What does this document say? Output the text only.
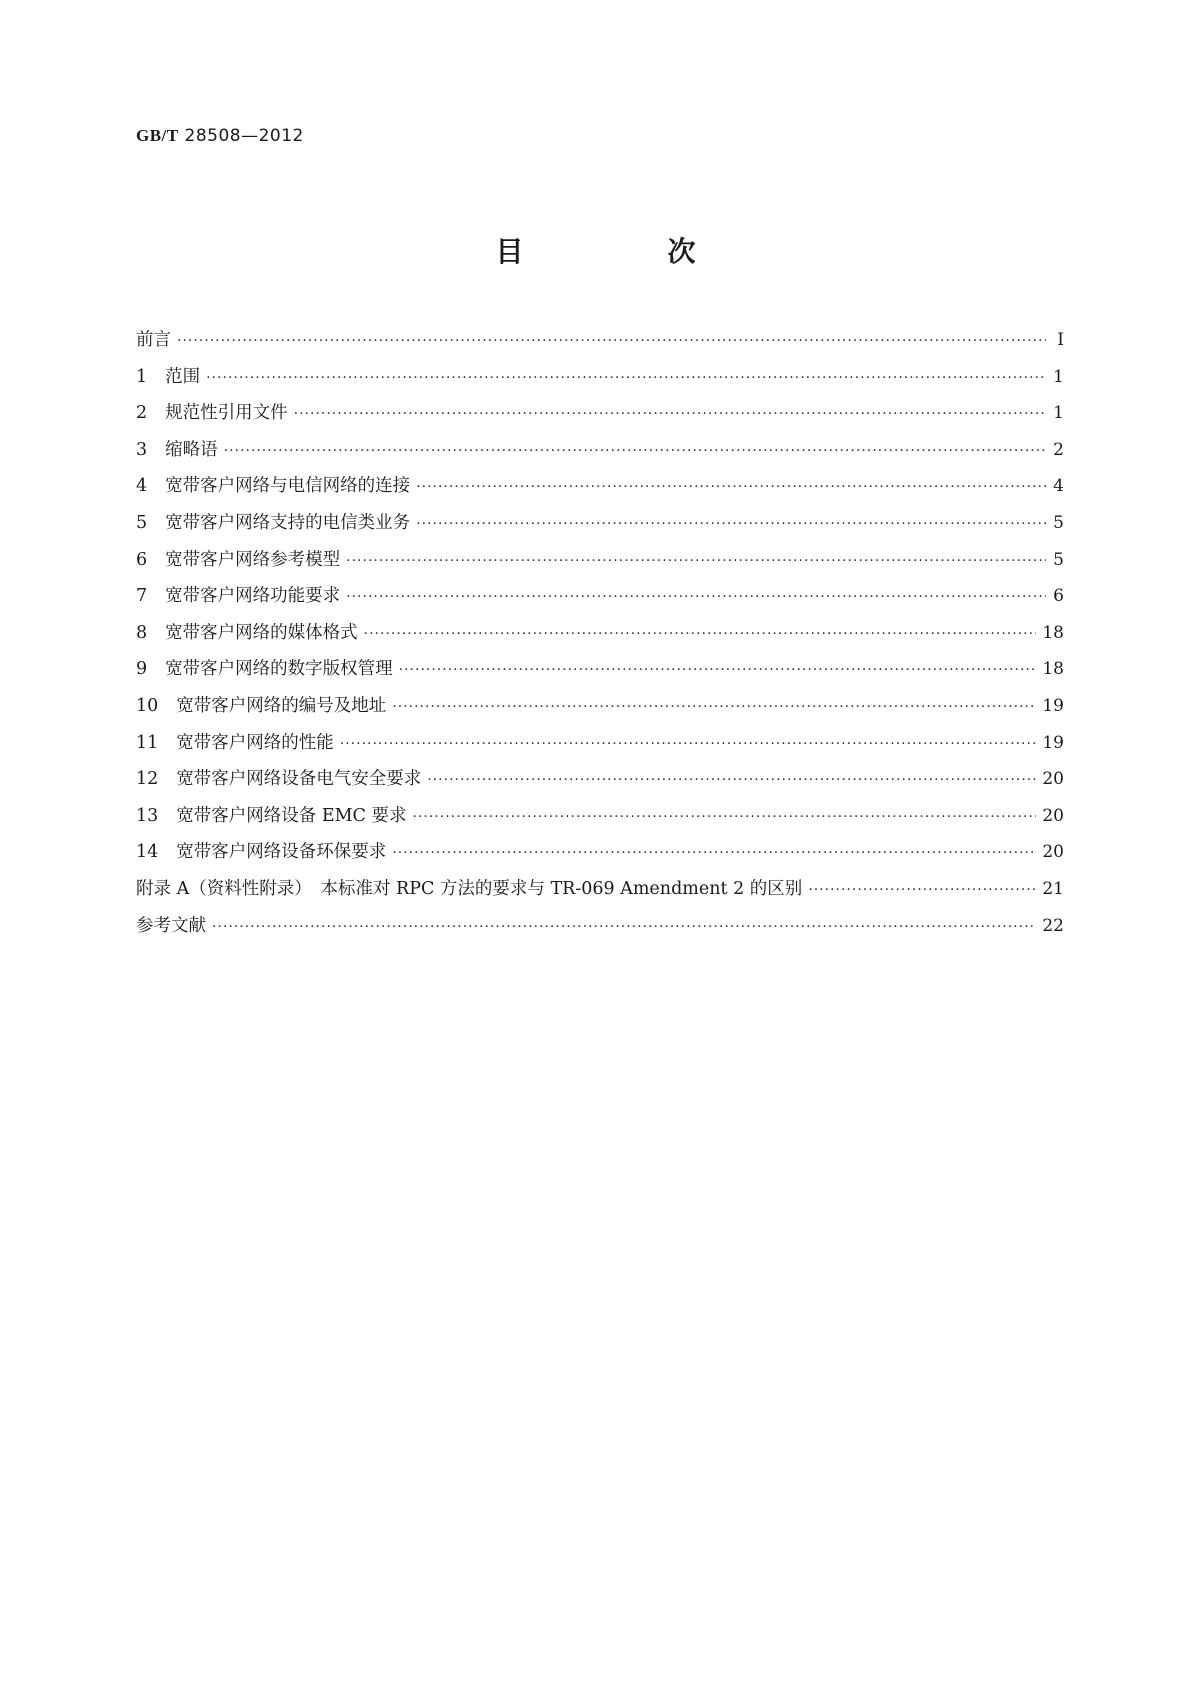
GB/T 28508—2012
目　次
前言 ·····	Ⅰ
1 范围 ·····	1
2 规范性引用文件 ·····	1
3 缩略语 ·····	2
4 宽带客户网络与电信网络的连接 ·····	4
5 宽带客户网络支持的电信类业务 ·····	5
6 宽带客户网络参考模型 ·····	5
7 宽带客户网络功能要求 ·····	6
8 宽带客户网络的媒体格式 ·····	18
9 宽带客户网络的数字版权管理 ·····	18
10 宽带客户网络的编号及地址 ·····	19
11 宽带客户网络的性能 ·····	19
12 宽带客户网络设备电气安全要求 ·····	20
13 宽带客户网络设备 EMC 要求 ·····	20
14 宽带客户网络设备环保要求 ·····	20
附录 A（资料性附录）　本标准对 RPC 方法的要求与 TR-069 Amendment 2 的区别 ·····	21
参考文献 ·····	22
